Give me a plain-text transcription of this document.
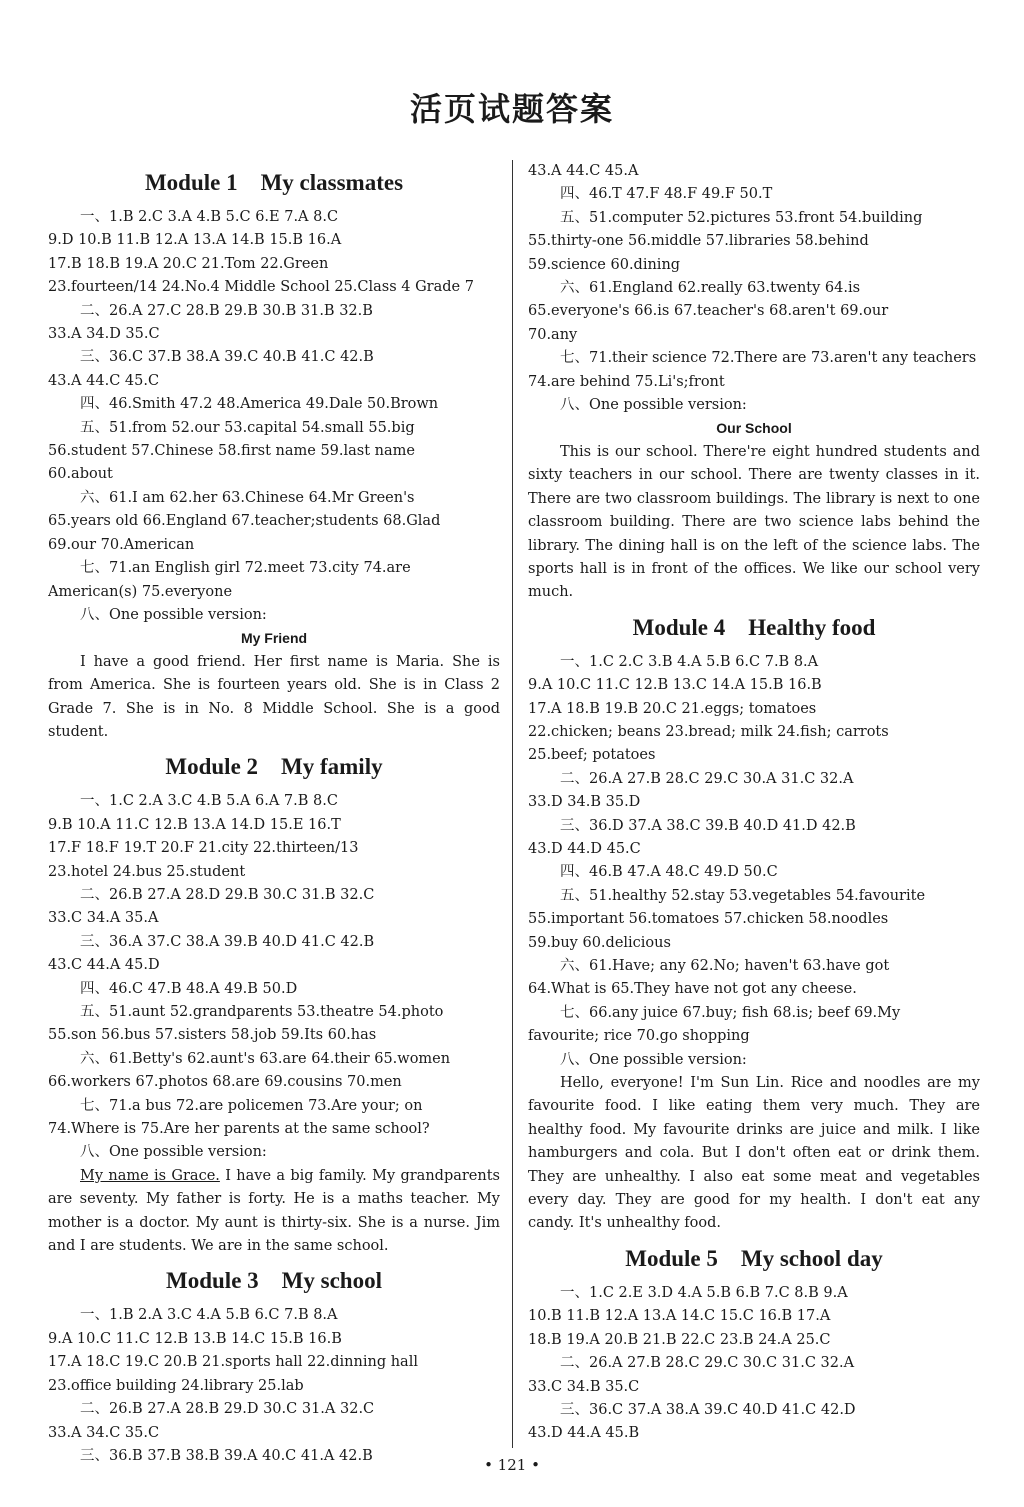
活页试题答案
Module 1    My classmates
一、1.B 2.C 3.A 4.B 5.C 6.E 7.A 8.C
9.D 10.B 11.B 12.A 13.A 14.B 15.B 16.A
17.B 18.B 19.A 20.C 21.Tom 22.Green
23.fourteen/14 24.No.4 Middle School 25.Class 4 Grade 7
二、26.A 27.C 28.B 29.B 30.B 31.B 32.B
33.A 34.D 35.C
三、36.C 37.B 38.A 39.C 40.B 41.C 42.B
43.A 44.C 45.C
四、46.Smith 47.2 48.America 49.Dale 50.Brown
五、51.from 52.our 53.capital 54.small 55.big
56.student 57.Chinese 58.first name 59.last name
60.about
六、61.I am 62.her 63.Chinese 64.Mr Green's
65.years old 66.England 67.teacher;students 68.Glad
69.our 70.American
七、71.an English girl 72.meet 73.city 74.are
American(s) 75.everyone
八、One possible version:
My Friend

I have a good friend. Her first name is Maria. She is from America. She is fourteen years old. She is in Class 2 Grade 7. She is in No. 8 Middle School. She is a good student.

Module 2    My family
一、1.C 2.A 3.C 4.B 5.A 6.A 7.B 8.C
9.B 10.A 11.C 12.B 13.A 14.D 15.E 16.T
17.F 18.F 19.T 20.F 21.city 22.thirteen/13
23.hotel 24.bus 25.student
二、26.B 27.A 28.D 29.B 30.C 31.B 32.C
33.C 34.A 35.A
三、36.A 37.C 38.A 39.B 40.D 41.C 42.B
43.C 44.A 45.D
四、46.C 47.B 48.A 49.B 50.D
五、51.aunt 52.grandparents 53.theatre 54.photo
55.son 56.bus 57.sisters 58.job 59.Its 60.has
六、61.Betty's 62.aunt's 63.are 64.their 65.women
66.workers 67.photos 68.are 69.cousins 70.men
七、71.a bus 72.are policemen 73.Are your; on
74.Where is 75.Are her parents at the same school?
八、One possible version:

My name is Grace. I have a big family. My grandparents are seventy. My father is forty. He is a maths teacher. My mother is a doctor. My aunt is thirty-six. She is a nurse. Jim and I are students. We are in the same school.

Module 3    My school
一、1.B 2.A 3.C 4.A 5.B 6.C 7.B 8.A
9.A 10.C 11.C 12.B 13.B 14.C 15.B 16.B
17.A 18.C 19.C 20.B 21.sports hall 22.dinning hall
23.office building 24.library 25.lab
二、26.B 27.A 28.B 29.D 30.C 31.A 32.C
33.A 34.C 35.C
三、36.B 37.B 38.B 39.A 40.C 41.A 42.B
43.A 44.C 45.A
四、46.T 47.F 48.F 49.F 50.T
五、51.computer 52.pictures 53.front 54.building
55.thirty-one 56.middle 57.libraries 58.behind
59.science 60.dining
六、61.England 62.really 63.twenty 64.is
65.everyone's 66.is 67.teacher's 68.aren't 69.our
70.any
七、71.their science 72.There are 73.aren't any teachers
74.are behind 75.Li's;front
八、One possible version:
Our School

This is our school. There're eight hundred students and sixty teachers in our school. There are twenty classes in it. There are two classroom buildings. The library is next to one classroom building. There are two science labs behind the library. The dining hall is on the left of the science labs. The sports hall is in front of the offices. We like our school very much.

Module 4    Healthy food
一、1.C 2.C 3.B 4.A 5.B 6.C 7.B 8.A
9.A 10.C 11.C 12.B 13.C 14.A 15.B 16.B
17.A 18.B 19.B 20.C 21.eggs; tomatoes
22.chicken; beans 23.bread; milk 24.fish; carrots
25.beef; potatoes
二、26.A 27.B 28.C 29.C 30.A 31.C 32.A
33.D 34.B 35.D
三、36.D 37.A 38.C 39.B 40.D 41.D 42.B
43.D 44.D 45.C
四、46.B 47.A 48.C 49.D 50.C
五、51.healthy 52.stay 53.vegetables 54.favourite
55.important 56.tomatoes 57.chicken 58.noodles
59.buy 60.delicious
六、61.Have; any 62.No; haven't 63.have got
64.What is 65.They have not got any cheese.
七、66.any juice 67.buy; fish 68.is; beef 69.My
favourite; rice 70.go shopping
八、One possible version:

Hello, everyone! I'm Sun Lin. Rice and noodles are my favourite food. I like eating them very much. They are healthy food. My favourite drinks are juice and milk. I like hamburgers and cola. But I don't often eat or drink them. They are unhealthy. I also eat some meat and vegetables every day. They are good for my health. I don't eat any candy. It's unhealthy food.

Module 5    My school day
一、1.C 2.E 3.D 4.A 5.B 6.B 7.C 8.B 9.A
10.B 11.B 12.A 13.A 14.C 15.C 16.B 17.A
18.B 19.A 20.B 21.B 22.C 23.B 24.A 25.C
二、26.A 27.B 28.C 29.C 30.C 31.C 32.A
33.C 34.B 35.C
三、36.C 37.A 38.A 39.C 40.D 41.C 42.D
43.D 44.A 45.B
• 121 •
